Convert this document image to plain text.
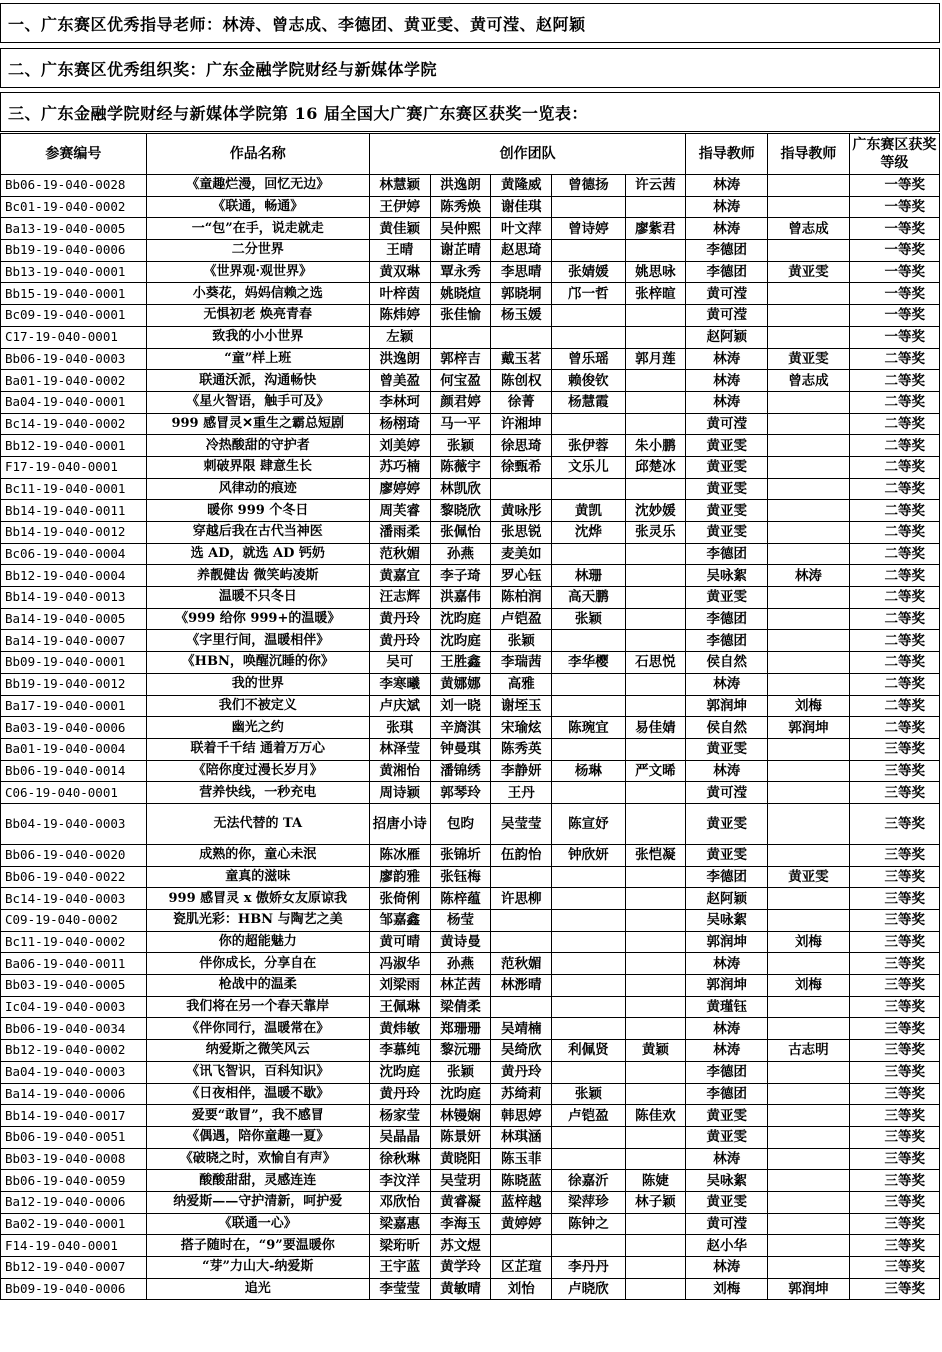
一、广东赛区优秀指导老师：林涛、曾志成、李德团、黄亚雯、黄可滢、赵阿颖
二、广东赛区优秀组织奖：广东金融学院财经与新媒体学院
三、广东金融学院财经与新媒体学院第 16 届全国大广赛广东赛区获奖一览表：
参赛编号	作品名称	创作团队					指导教师	指导教师	广东赛区获奖等级
Bb06-19-040-0028	《童趣烂漫，回忆无边》	林慧颖	洪逸朗	黄隆威	曾德扬	许云茜	林涛		一等奖
Bc01-19-040-0002	《联通，畅通》	王伊婷	陈秀焕	谢佳琪			林涛		一等奖
Ba13-19-040-0005	一“包”在手，说走就走	黄佳颖	吴仲熙	叶文萍	曾诗婷	廖紫君	林涛	曾志成	一等奖
Bb19-19-040-0006	二分世界	王晴	谢芷晴	赵思琦			李德团		一等奖
Bb13-19-040-0001	《世界观·观世界》	黄双琳	覃永秀	李思晴	张婧媛	姚思咏	李德团	黄亚雯	一等奖
Bb15-19-040-0001	小葵花，妈妈信赖之选	叶梓茵	姚晓煊	郭晓垌	邝一哲	张梓暄	黄可滢		一等奖
Bc09-19-040-0001	无惧初老 焕亮青春	陈炜婷	张佳愉	杨玉媛			黄可滢		一等奖
C17-19-040-0001	致我的小小世界	左颖					赵阿颖		一等奖
Bb06-19-040-0003	“童”样上班	洪逸朗	郭梓吉	戴玉茗	曾乐瑶	郭月莲	林涛	黄亚雯	二等奖
Ba01-19-040-0002	联通沃派，沟通畅快	曾美盈	何宝盈	陈创权	赖俊钦		林涛	曾志成	二等奖
Ba04-19-040-0001	《星火智语，触手可及》	李林珂	颜君婷	徐菁	杨慧霞		林涛		二等奖
Bc14-19-040-0002	999 感冒灵✕重生之霸总短剧	杨栩琦	马一平	许湘坤			黄可滢		二等奖
Bb12-19-040-0001	冷热酸甜的守护者	刘美婷	张颖	徐思琦	张伊蓉	朱小鹏	黄亚雯		二等奖
F17-19-040-0001	刺破界限 肆意生长	苏巧楠	陈薇宇	徐甄希	文乐儿	邱楚冰	黄亚雯		二等奖
Bc11-19-040-0001	风律动的痕迹	廖婷婷	林凯欣				黄亚雯		二等奖
Bb14-19-040-0011	暖你 999 个冬日	周芙睿	黎晓欣	黄咏彤	黄凯	沈妙媛	黄亚雯		二等奖
Bb14-19-040-0012	穿越后我在古代当神医	潘雨柔	张佩怡	张思锐	沈烨	张灵乐	黄亚雯		二等奖
Bc06-19-040-0004	选 AD，就选 AD 钙奶	范秋媚	孙燕	麦美如			李德团		二等奖
Bb12-19-040-0004	养靓健齿 微笑屿凌斯	黄嘉宜	李子琦	罗心钰	林珊		吴咏絮	林涛	二等奖
Bb14-19-040-0013	温暖不只冬日	汪志辉	洪嘉伟	陈柏润	高天鹏		黄亚雯		二等奖
Ba14-19-040-0005	《999 给你 999+的温暖》	黄丹玲	沈昀庭	卢铠盈	张颖		李德团		二等奖
Ba14-19-040-0007	《字里行间，温暖相伴》	黄丹玲	沈昀庭	张颖			李德团		二等奖
Bb09-19-040-0001	《HBN，唤醒沉睡的你》	吴可	王胜鑫	李瑞茜	李华樱	石思悦	侯自然		二等奖
Bb19-19-040-0012	我的世界	李寒曦	黄娜娜	高雅			林涛		二等奖
Ba17-19-040-0001	我们不被定义	卢庆斌	刘一晓	谢垤玉			郭润坤	刘梅	二等奖
Ba03-19-040-0006	幽光之约	张琪	辛旖淇	宋瑜炫	陈琬宜	易佳婧	侯自然	郭润坤	二等奖
Ba01-19-040-0004	联着千千结 通着万万心	林泽莹	钟曼琪	陈秀英			黄亚雯		三等奖
Bb06-19-040-0014	《陪你度过漫长岁月》	黄湘怡	潘锦绣	李静妍	杨琳	严文晞	林涛		三等奖
C06-19-040-0001	营养快线，一秒充电	周诗颖	郭琴玲	王丹			黄可滢		三等奖
Bb04-19-040-0003	无法代替的 TA	招唐小诗	包昀	吴莹莹	陈宣妤		黄亚雯		三等奖
Bb06-19-040-0020	成熟的你，童心未泯	陈冰雁	张锦圻	伍韵怡	钟欣妍	张恺凝	黄亚雯		三等奖
Bb06-19-040-0022	童真的滋味	廖韵雅	张钰梅				李德团	黄亚雯	三等奖
Bc14-19-040-0003	999 感冒灵 x 傲娇女友原谅我	张倚俐	陈梓蕴	许思柳			赵阿颖		三等奖
C09-19-040-0002	瓷肌光彩：HBN 与陶艺之美	邹嘉鑫	杨莹				吴咏絮		三等奖
Bc11-19-040-0002	你的超能魅力	黄可晴	黄诗曼				郭润坤	刘梅	三等奖
Ba06-19-040-0011	伴你成长，分享自在	冯淑华	孙燕	范秋媚			林涛		三等奖
Bb03-19-040-0005	枪战中的温柔	刘梁雨	林芷茜	林浵晴			郭润坤	刘梅	三等奖
Ic04-19-040-0003	我们将在另一个春天靠岸	王佩琳	梁倩柔				黄瑾钰		三等奖
Bb06-19-040-0034	《伴你同行，温暖常在》	黄炜敏	郑珊珊	吴靖楠			林涛		三等奖
Bb12-19-040-0002	纳爱斯之微笑风云	李慕纯	黎沅珊	吴绮欣	利佩贤	黄颖	林涛	古志明	三等奖
Ba04-19-040-0003	《讯飞智识，百科知识》	沈昀庭	张颖	黄丹玲			李德团		三等奖
Ba14-19-040-0006	《日夜相伴，温暖不歇》	黄丹玲	沈昀庭	苏绮莉	张颖		李德团		三等奖
Bb14-19-040-0017	爱要“敢冒”，我不感冒	杨家莹	林镘娴	韩思婷	卢铠盈	陈佳欢	黄亚雯		三等奖
Bb06-19-040-0051	《偶遇，陪你童趣一夏》	吴晶晶	陈景妍	林琪涵			黄亚雯		三等奖
Bb03-19-040-0008	《破晓之时，欢愉自有声》	徐秋琳	黄晓阳	陈玉菲			林涛		三等奖
Bb06-19-040-0059	酸酸甜甜，灵感连连	李汶洋	吴莹玥	陈晓蓝	徐嘉沂	陈婕	吴咏絮		三等奖
Ba12-19-040-0006	纳爱斯——守护清新，呵护爱	邓欣怡	黄睿凝	蓝梓越	梁萍珍	林子颖	黄亚雯		三等奖
Ba02-19-040-0001	《联通一心》	梁嘉惠	李海玉	黄婷婷	陈钟之		黄可滢		三等奖
F14-19-040-0001	搭子随时在，“9”要温暖你	梁珩昕	苏文煜				赵小华		三等奖
Bb12-19-040-0007	“芽”力山大-纳爱斯	王宇蓝	黄学玲	区芷瑄	李丹丹		林涛		三等奖
Bb09-19-040-0006	追光	李莹莹	黄敏晴	刘怡	卢晓欣		刘梅	郭润坤	三等奖
